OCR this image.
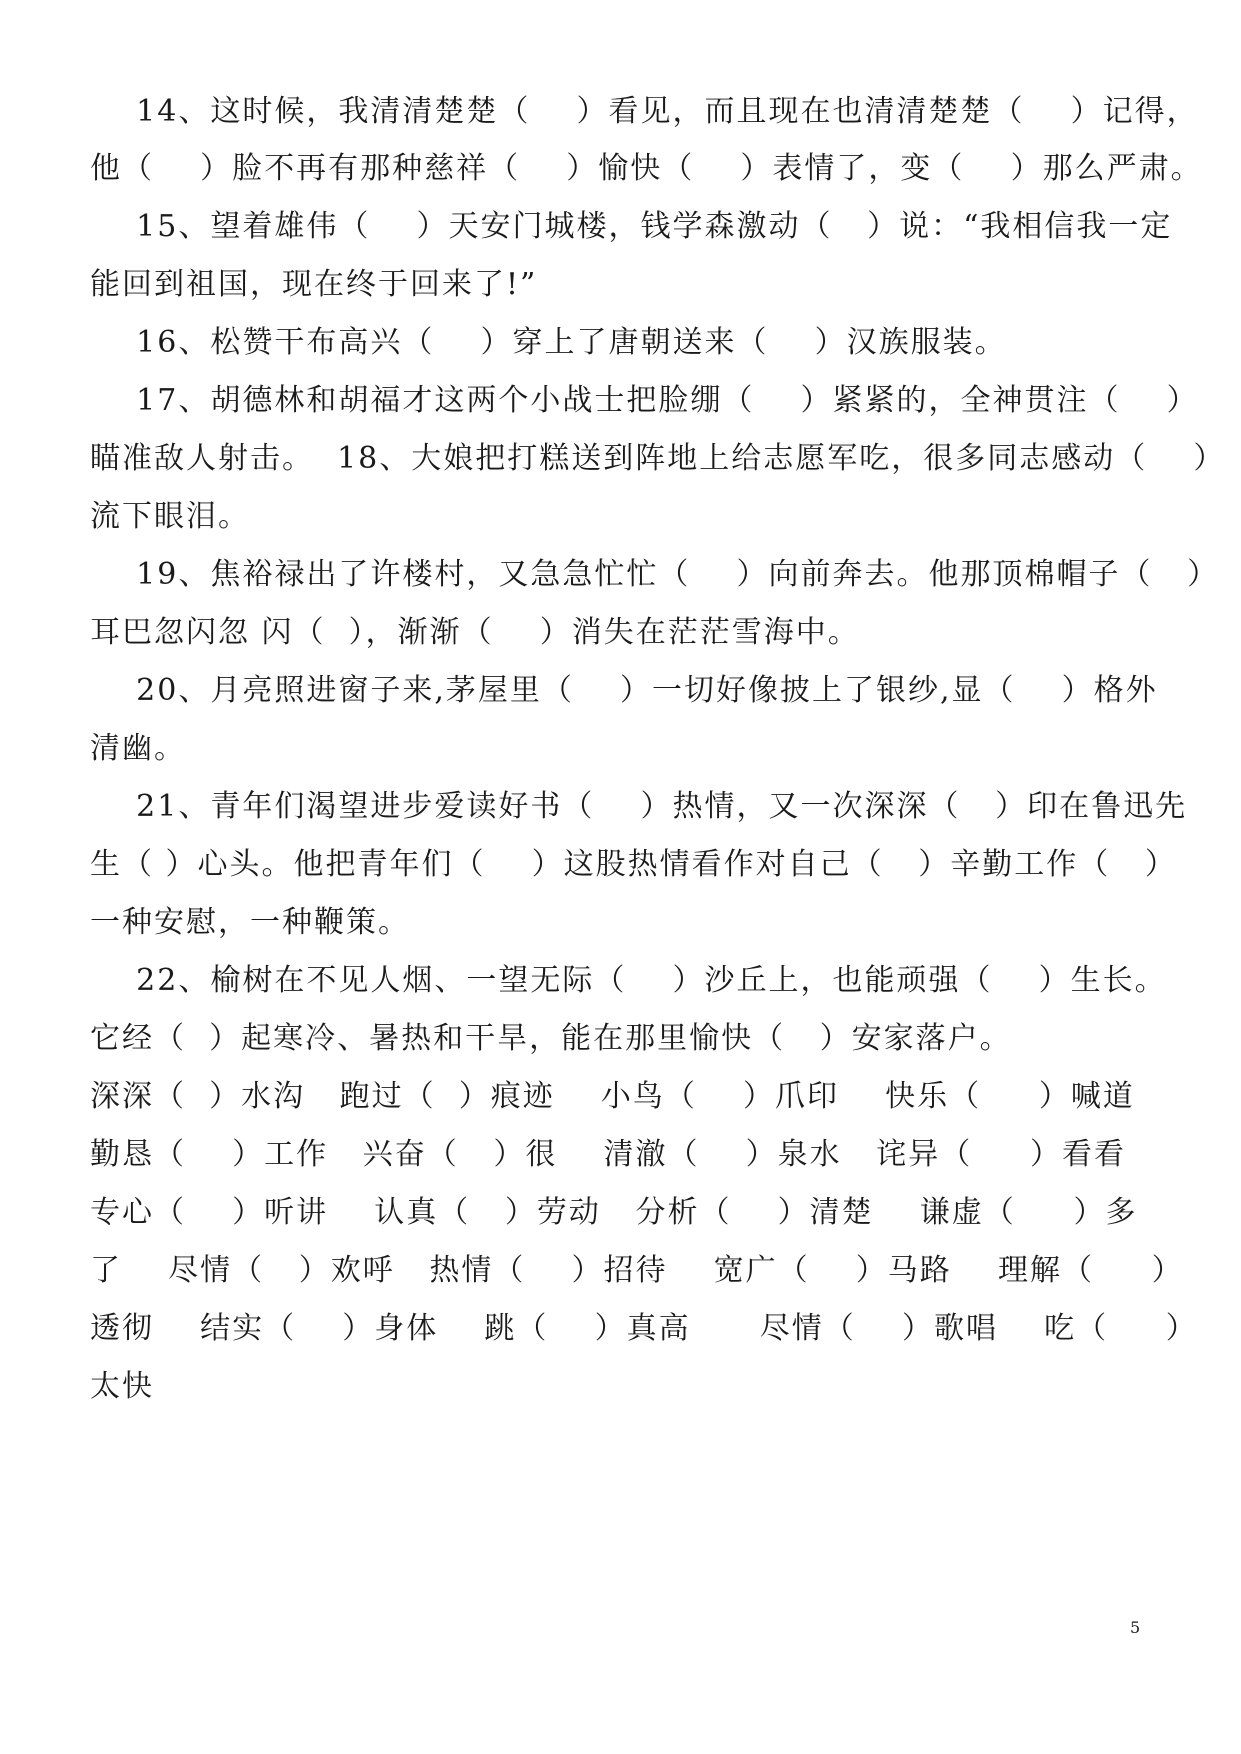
14、这时候，我清清楚楚（    ）看见，而且现在也清清楚楚（    ）记得，
他（    ）脸不再有那种慈祥（    ）愉快（    ）表情了，变（    ）那么严肃。
15、望着雄伟（    ）天安门城楼，钱学森激动（   ）说：“我相信我一定
能回到祖国，现在终于回来了!”
16、松赞干布高兴（    ）穿上了唐朝送来（    ）汉族服装。
17、胡德林和胡福才这两个小战士把脸绷（    ）紧紧的，全神贯注（    ）
瞄准敌人射击。  18、大娘把打糕送到阵地上给志愿军吃，很多同志感动（    ）
流下眼泪。
19、焦裕禄出了许楼村，又急急忙忙（    ）向前奔去。他那顶棉帽子（   ）
耳巴忽闪忽 闪（  ），渐渐（    ）消失在茫茫雪海中。
20、月亮照进窗子来,茅屋里（    ）一切好像披上了银纱,显（    ）格外
清幽。
21、青年们渴望进步爱读好书（    ）热情，又一次深深（   ）印在鲁迅先
生（ ）心头。他把青年们（    ）这股热情看作对自己（   ）辛勤工作（   ）
一种安慰，一种鞭策。
22、榆树在不见人烟、一望无际（    ）沙丘上，也能顽强（    ）生长。
它经（  ）起寒冷、暑热和干旱，能在那里愉快（   ）安家落户。
深深（  ）水沟   跑过（  ）痕迹    小鸟（    ）爪印    快乐（     ）喊道
勤恳（    ）工作   兴奋（   ）很    清澈（    ）泉水   诧异（     ）看看
专心（    ）听讲    认真（   ）劳动   分析（    ）清楚    谦虚（     ）多
了    尽情（   ）欢呼   热情（    ）招待    宽广（    ）马路    理解（     ）
透彻    结实（    ）身体    跳（    ）真高      尽情（    ）歌唱    吃（     ）
太快
5
